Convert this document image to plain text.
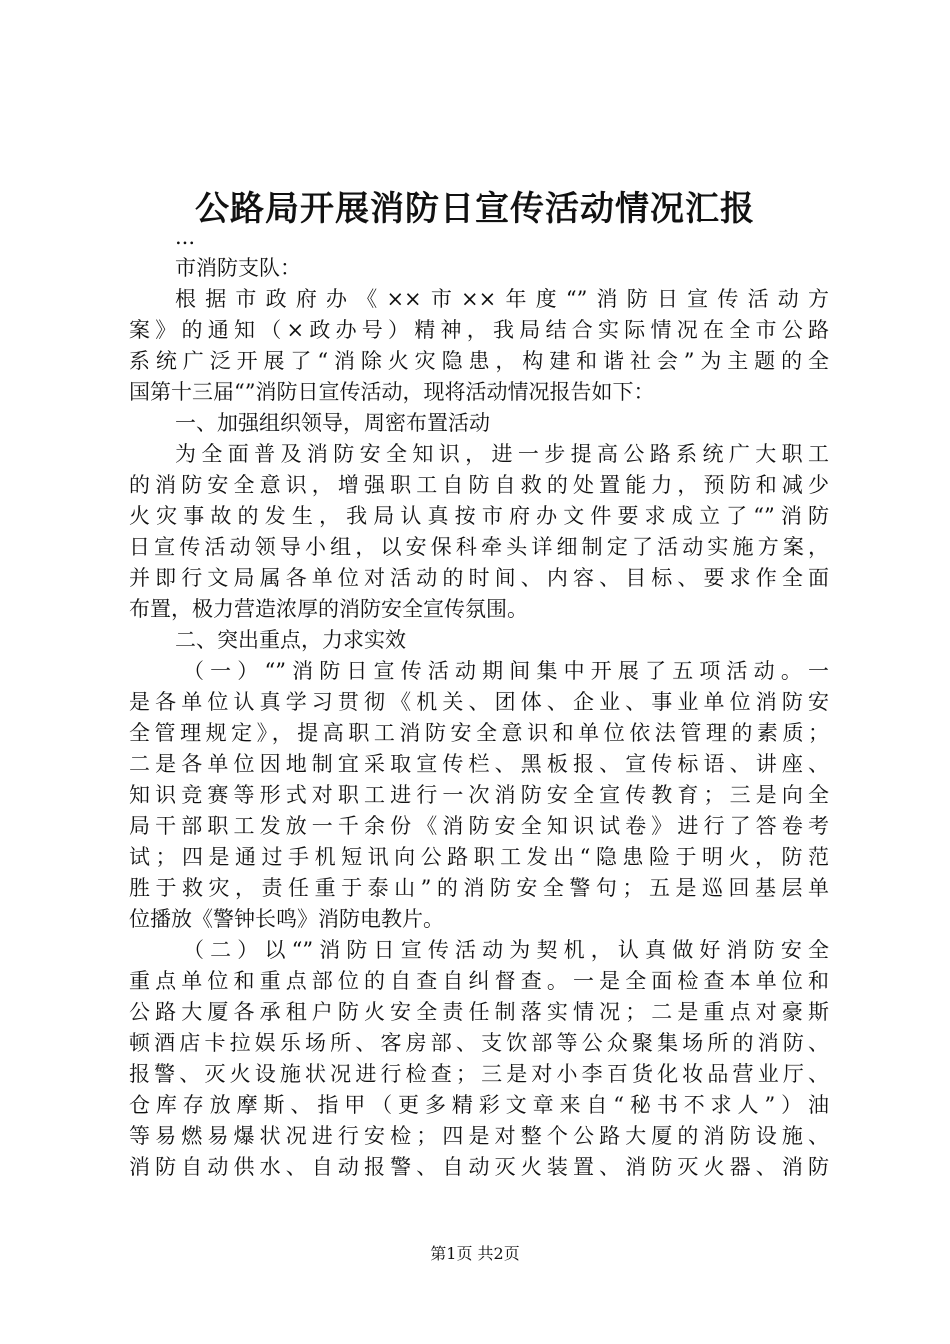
公路局开展消防日宣传活动情况汇报
...
市消防支队：
根据市政府办《××市××年度“”消防日宣传活动方
案》的通知（×政办号）精神，我局结合实际情况在全市公路
系统广泛开展了“消除火灾隐患，构建和谐社会”为主题的全
国第十三届“”消防日宣传活动，现将活动情况报告如下：
一、加强组织领导，周密布置活动
为全面普及消防安全知识，进一步提高公路系统广大职工
的消防安全意识，增强职工自防自救的处置能力，预防和减少
火灾事故的发生，我局认真按市府办文件要求成立了“”消防
日宣传活动领导小组，以安保科牵头详细制定了活动实施方案，
并即行文局属各单位对活动的时间、内容、目标、要求作全面
布置，极力营造浓厚的消防安全宣传氛围。
二、突出重点，力求实效
（一）“”消防日宣传活动期间集中开展了五项活动。一
是各单位认真学习贯彻《机关、团体、企业、事业单位消防安
全管理规定》，提高职工消防安全意识和单位依法管理的素质；
二是各单位因地制宜采取宣传栏、黑板报、宣传标语、讲座、
知识竞赛等形式对职工进行一次消防安全宣传教育；三是向全
局干部职工发放一千余份《消防安全知识试卷》进行了答卷考
试；四是通过手机短讯向公路职工发出“隐患险于明火，防范
胜于救灾，责任重于泰山”的消防安全警句；五是巡回基层单
位播放《警钟长鸣》消防电教片。
（二）以“”消防日宣传活动为契机，认真做好消防安全
重点单位和重点部位的自查自纠督查。一是全面检查本单位和
公路大厦各承租户防火安全责任制落实情况；二是重点对豪斯
顿酒店卡拉娱乐场所、客房部、支饮部等公众聚集场所的消防、
报警、灭火设施状况进行检查；三是对小李百货化妆品营业厅、
仓库存放摩斯、指甲（更多精彩文章来自“秘书不求人”）油
等易燃易爆状况进行安检；四是对整个公路大厦的消防设施、
消防自动供水、自动报警、自动灭火装置、消防灭火器、消防
第1页 共2页
